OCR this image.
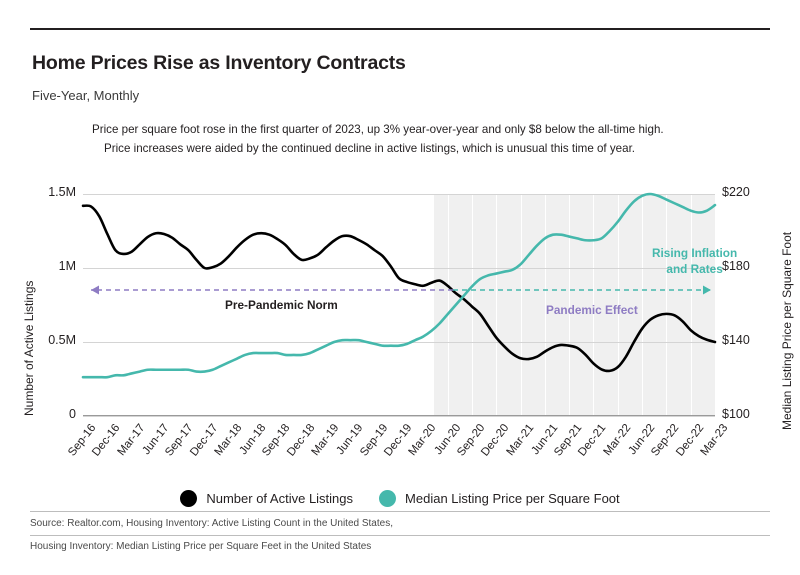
Home Prices Rise as Inventory Contracts
Five-Year, Monthly
Price per square foot rose in the first quarter of 2023, up 3% year-over-year and only $8 below the all-time high.
Price increases were aided by the continued decline in active listings, which is unusual this time of year.
0
0.5M
1M
1.5M
$100
$140
$180
$220
Number of Active Listings	Median Listing Price per Square Foot
Sep-16
Dec-16
Mar-17
Jun-17
Sep-17
Dec-17
Mar-18
Jun-18
Sep-18
Dec-18
Mar-19
Jun-19
Sep-19
Dec-19
Mar-20
Jun-20
Sep-20
Dec-20
Mar-21
Jun-21
Sep-21
Dec-21
Mar-22
Jun-22
Sep-22
Dec-22
Mar-23
Pre-Pandemic Norm	Pandemic Effect
Rising Inflation
and Rates
Number of Active Listings	Median Listing Price per Square Foot
Source: Realtor.com, Housing Inventory: Active Listing Count in the United States,
Housing Inventory: Median Listing Price per Square Feet in the United States
